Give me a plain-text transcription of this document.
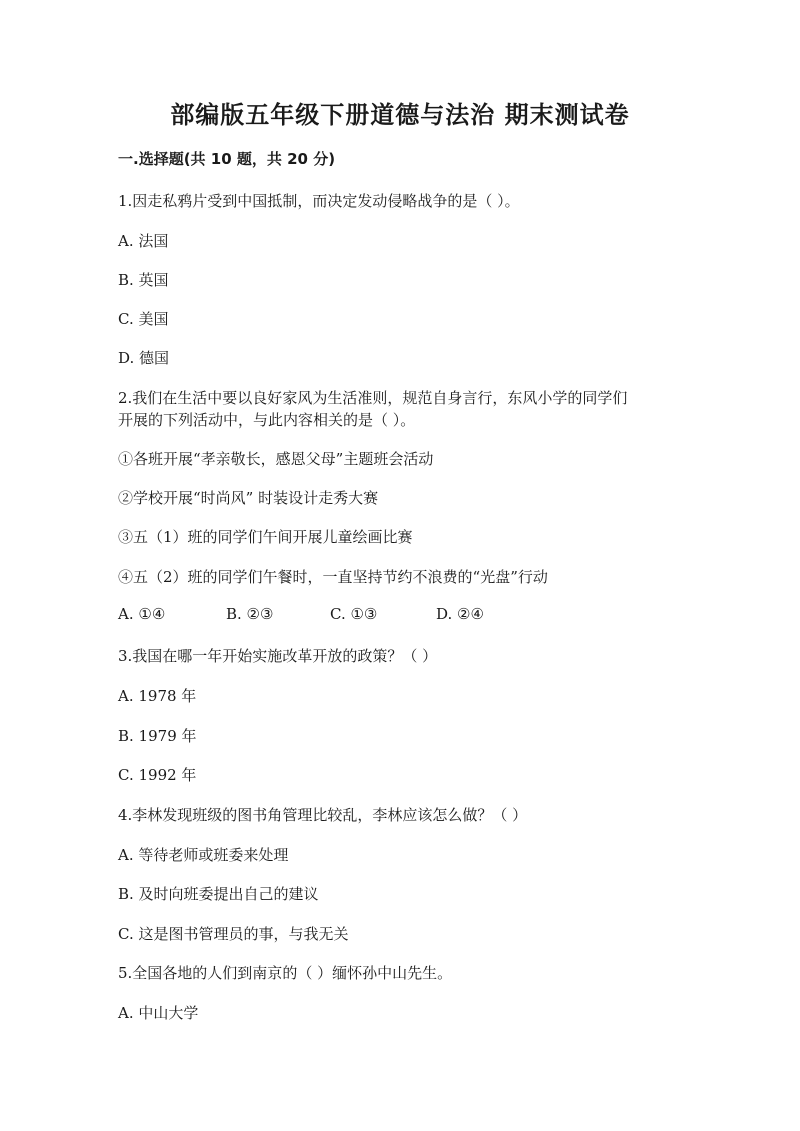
部编版五年级下册道德与法治 期末测试卷
一.选择题(共 10 题，共 20 分)
1.因走私鸦片受到中国抵制，而决定发动侵略战争的是（ ）。
A. 法国
B. 英国
C. 美国
D. 德国
2.我们在生活中要以良好家风为生活准则，规范自身言行，东风小学的同学们
开展的下列活动中，与此内容相关的是（ ）。
①各班开展“孝亲敬长，感恩父母”主题班会活动
②学校开展“时尚风” 时装设计走秀大赛
③五（1）班的同学们午间开展儿童绘画比赛
④五（2）班的同学们午餐时，一直坚持节约不浪费的“光盘”行动
A. ①④	B. ②③	C. ①③	D. ②④
3.我国在哪一年开始实施改革开放的政策？（ ）
A. 1978 年
B. 1979 年
C. 1992 年
4.李林发现班级的图书角管理比较乱，李林应该怎么做？（ ）
A. 等待老师或班委来处理
B. 及时向班委提出自己的建议
C. 这是图书管理员的事，与我无关
5.全国各地的人们到南京的（ ）缅怀孙中山先生。
A. 中山大学
